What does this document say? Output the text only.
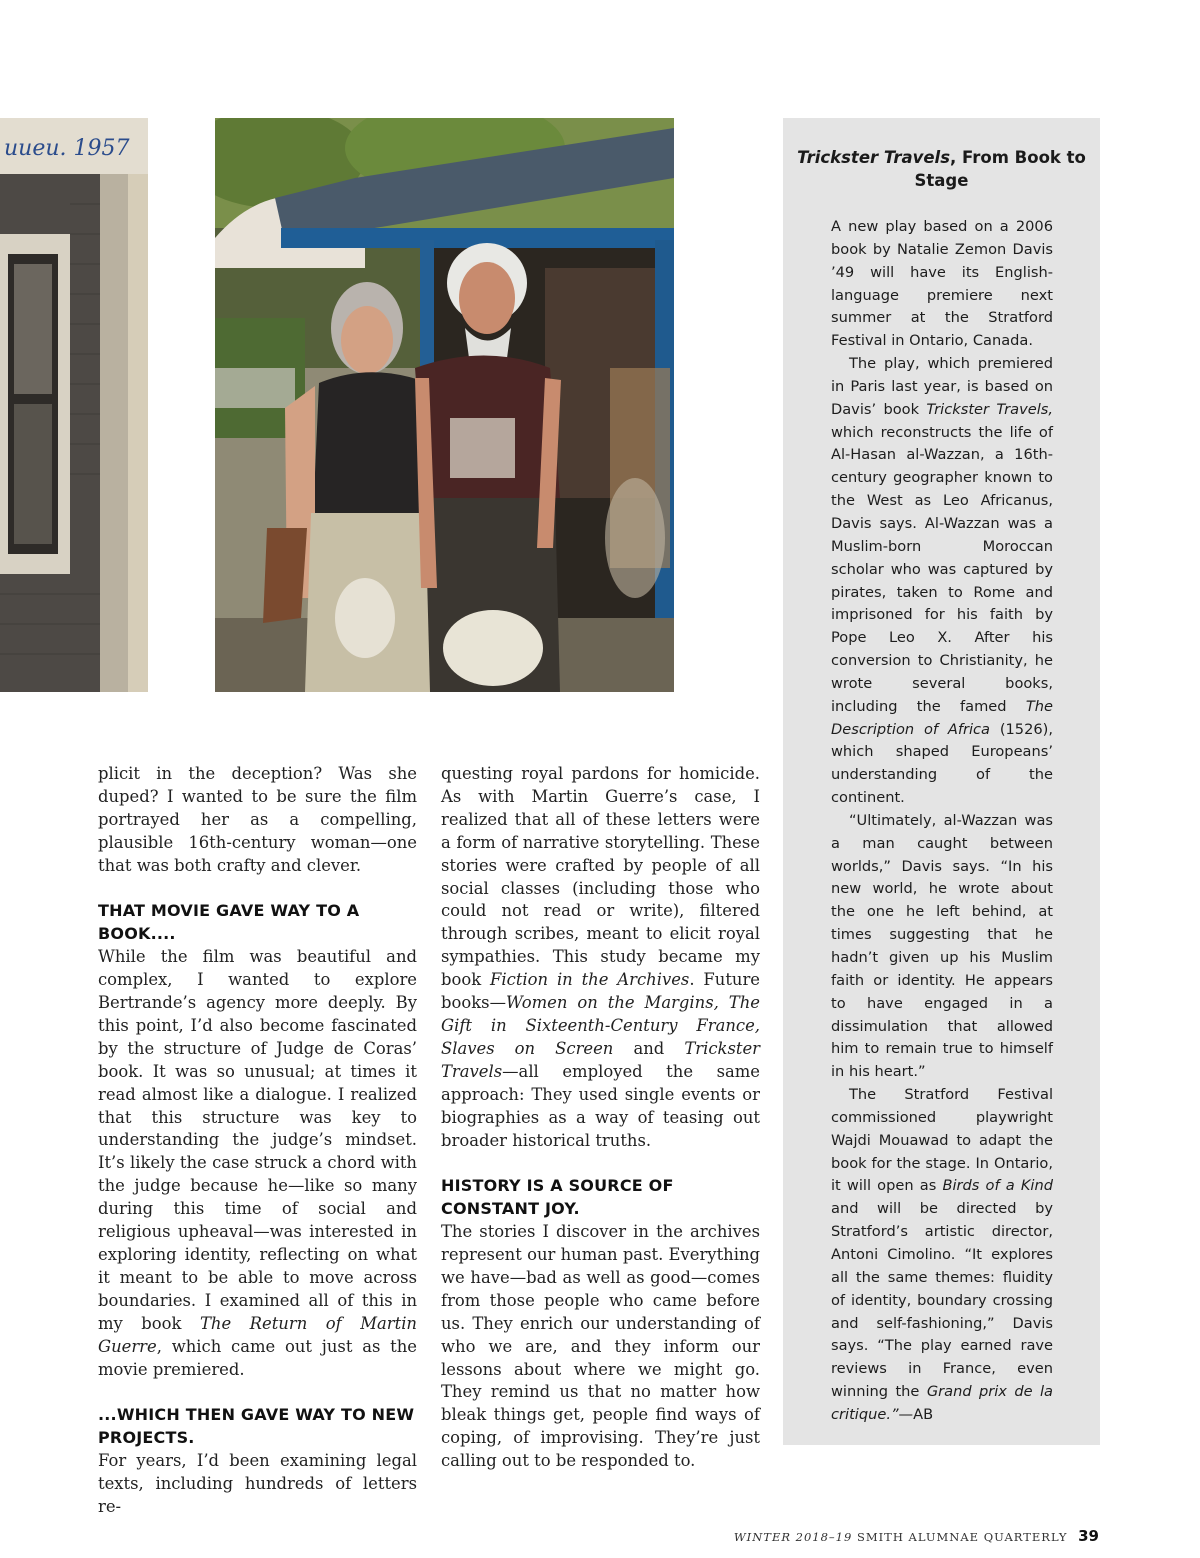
uueu. 1957

plicit in the deception? Was she duped? I wanted to be sure the film portrayed her as a compelling, plausible 16th-century woman—one that was both crafty and clever.

THAT MOVIE GAVE WAY TO A BOOK....

While the film was beautiful and complex, I wanted to explore Bertrande’s agency more deeply. By this point, I’d also become fascinated by the structure of Judge de Coras’ book. It was so unusual; at times it read almost like a dialogue. I realized that this structure was key to understanding the judge’s mindset. It’s likely the case struck a chord with the judge because he—like so many during this time of social and religious upheaval—was interested in exploring identity, reflecting on what it meant to be able to move across boundaries. I examined all of this in my book The Return of Martin Guerre, which came out just as the movie premiered.

...WHICH THEN GAVE WAY TO NEW PROJECTS.

For years, I’d been examining legal texts, including hundreds of letters re-

questing royal pardons for homicide. As with Martin Guerre’s case, I realized that all of these letters were a form of narrative storytelling. These stories were crafted by people of all social classes (including those who could not read or write), filtered through scribes, meant to elicit royal sympathies. This study became my book Fiction in the Archives. Future books—Women on the Margins, The Gift in Sixteenth-Century France, Slaves on Screen and Trickster Travels—all employed the same approach: They used single events or biographies as a way of teasing out broader historical truths.

HISTORY IS A SOURCE OF CONSTANT JOY.

The stories I discover in the archives represent our human past. Everything we have—bad as well as good—comes from those people who came before us. They enrich our understanding of who we are, and they inform our lessons about where we might go. They remind us that no matter how bleak things get, people find ways of coping, of improvising. They’re just calling out to be responded to.

Trickster Travels, From Book to Stage

A new play based on a 2006 book by Natalie Zemon Davis ’49 will have its English-language premiere next summer at the Stratford Festival in Ontario, Canada.

The play, which premiered in Paris last year, is based on Davis’ book Trickster Travels, which reconstructs the life of Al-Hasan al-Wazzan, a 16th-century geographer known to the West as Leo Africanus, Davis says. Al-Wazzan was a Muslim-born Moroccan scholar who was captured by pirates, taken to Rome and imprisoned for his faith by Pope Leo X. After his conversion to Christianity, he wrote several books, including the famed The Description of Africa (1526), which shaped Europeans’ understanding of the continent.

“Ultimately, al-Wazzan was a man caught between worlds,” Davis says. “In his new world, he wrote about the one he left behind, at times suggesting that he hadn’t given up his Muslim faith or identity. He appears to have engaged in a dissimulation that allowed him to remain true to himself in his heart.”

The Stratford Festival commissioned playwright Wajdi Mouawad to adapt the book for the stage. In Ontario, it will open as Birds of a Kind and will be directed by Stratford’s artistic director, Antoni Cimolino. “It explores all the same themes: fluidity of identity, boundary crossing and self-fashioning,” Davis says. “The play earned rave reviews in France, even winning the Grand prix de la critique.”—AB

WINTER 2018–19 SMITH ALUMNAE QUARTERLY 39
